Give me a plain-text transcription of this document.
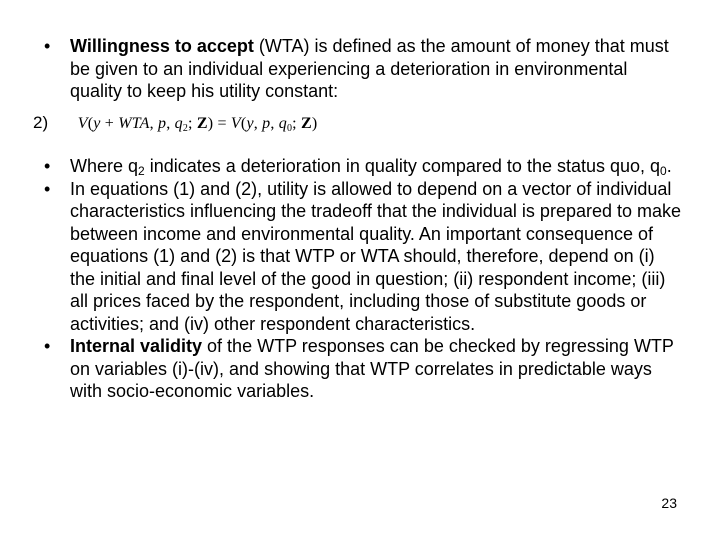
•	Willingness to accept (WTA) is defined as the amount of money that must be given to an individual experiencing a deterioration in environmental quality to keep his utility constant:
2) V(y + WTA, p, $q_2$; Z) = V(y, p, $q_0$; Z)
•	Where $q_2$ indicates a deterioration in quality compared to the status quo, $q_0$.
•	In equations (1) and (2), utility is allowed to depend on a vector of individual characteristics influencing the tradeoff that the individual is prepared to make between income and environmental quality. An important consequence of equations (1) and (2) is that WTP or WTA should, therefore, depend on (i) the initial and final level of the good in question; (ii) respondent income; (iii) all prices faced by the respondent, including those of substitute goods or activities; and (iv) other respondent characteristics.
•	Internal validity of the WTP responses can be checked by regressing WTP on variables (i)-(iv), and showing that WTP correlates in predictable ways with socio-economic variables.
23
